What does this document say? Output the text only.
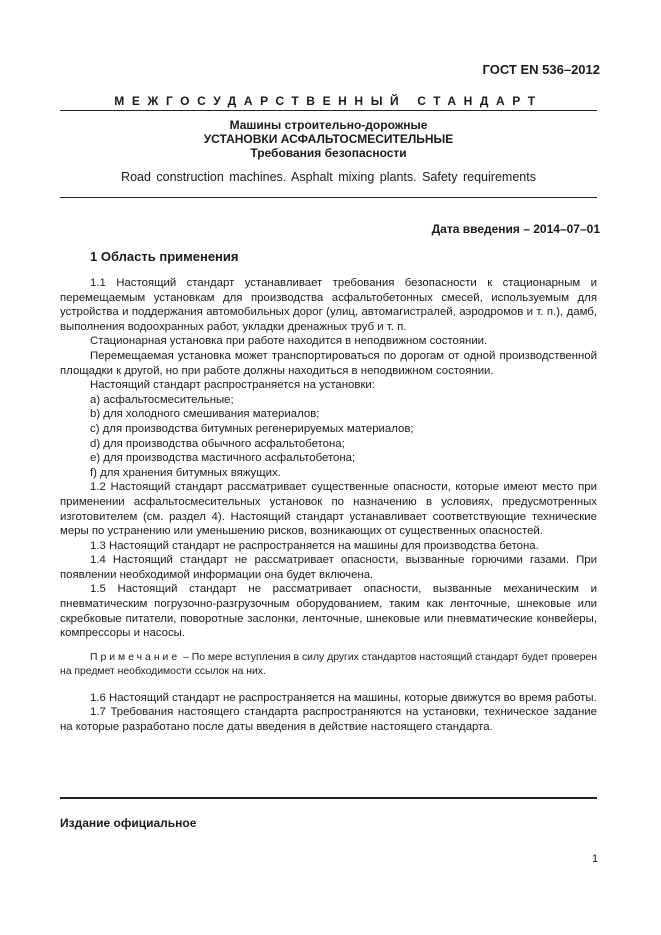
ГОСТ EN 536–2012
МЕЖГОСУДАРСТВЕННЫЙ СТАНДАРТ
Машины строительно-дорожные
УСТАНОВКИ АСФАЛЬТОСМЕСИТЕЛЬНЫЕ
Требования безопасности
Road construction machines. Asphalt mixing plants. Safety requirements
Дата введения – 2014–07–01
1 Область применения

1.1 Настоящий стандарт устанавливает требования безопасности к стационарным и перемещаемым установкам для производства асфальтобетонных смесей, используемым для устройства и поддержания автомобильных дорог (улиц, автомагистралей, аэродромов и т. п.), дамб, выполнения водоохранных работ, укладки дренажных труб и т. п.

Стационарная установка при работе находится в неподвижном состоянии.

Перемещаемая установка может транспортироваться по дорогам от одной производственной площадки к другой, но при работе должны находиться в неподвижном состоянии.

Настоящий стандарт распространяется на установки:

a) асфальтосмесительные;

b) для холодного смешивания материалов;

c) для производства битумных регенерируемых материалов;

d) для производства обычного асфальтобетона;

e) для производства мастичного асфальтобетона;

f) для хранения битумных вяжущих.

1.2 Настоящий стандарт рассматривает существенные опасности, которые имеют место при применении асфальтосмесительных установок по назначению в условиях, предусмотренных изготовителем (см. раздел 4). Настоящий стандарт устанавливает соответствующие технические меры по устранению или уменьшению рисков, возникающих от существенных опасностей.

1.3 Настоящий стандарт не распространяется на машины для производства бетона.

1.4 Настоящий стандарт не рассматривает опасности, вызванные горючими газами. При появлении необходимой информации она будет включена.

1.5 Настоящий стандарт не рассматривает опасности, вызванные механическим и пневматическим погрузочно-разгрузочным оборудованием, таким как ленточные, шнековые или скребковые питатели, поворотные заслонки, ленточные, шнековые или пневматические конвейеры, компрессоры и насосы.

Примечание – По мере вступления в силу других стандартов настоящий стандарт будет проверен на предмет необходимости ссылок на них.

1.6 Настоящий стандарт не распространяется на машины, которые движутся во время работы.

1.7 Требования настоящего стандарта распространяются на установки, техническое задание на которые разработано после даты введения в действие настоящего стандарта.

Издание официальное
1
